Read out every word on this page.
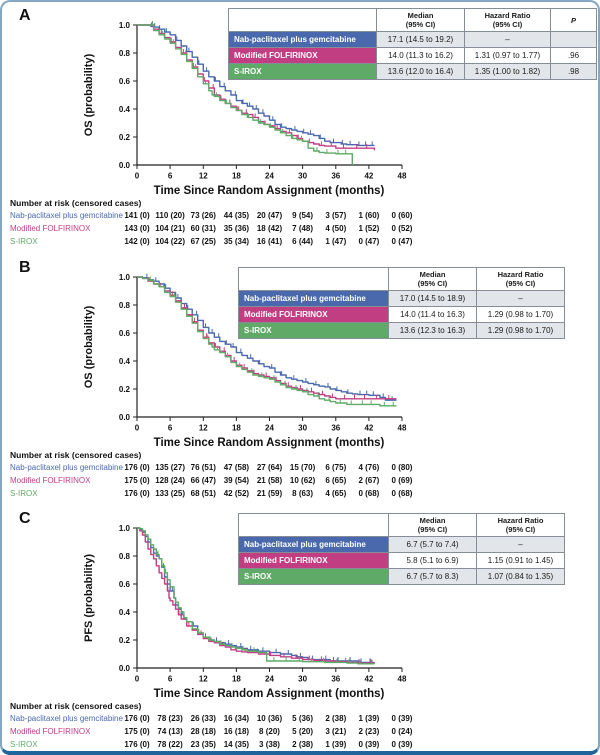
A
OS (probability)
0.0
0.2
0.4
0.6
0.8
1.0
0	6	12	18	24	30	36	42	48
Time Since Random Assignment (months)
	Median
(95% CI)	Hazard Ratio
(95% CI)	P
Nab-paclitaxel plus gemcitabine	17.1 (14.5 to 19.2)	–	
Modified FOLFIRINOX	14.0 (11.3 to 16.2)	1.31 (0.97 to 1.77)	.96
S-IROX	13.6 (12.0 to 16.4)	1.35 (1.00 to 1.82)	.98
Number at risk (censored cases)
Nab-paclitaxel plus gemcitabine 141 (0) 110 (20) 73 (26) 44 (35) 20 (47) 9 (54) 3 (57) 1 (60) 0 (60)
Modified FOLFIRINOX	143 (0) 104 (21) 60 (31) 35 (36) 18 (42) 7 (48) 4 (50) 1 (52) 0 (52)
S-IROX	142 (0) 104 (22) 67 (25) 35 (34) 16 (41) 6 (44) 1 (47) 0 (47) 0 (47)
B
OS (probability)
0.0
0.2
0.4
0.6
0.8
1.0
0	6	12	18	24	30	36	42	48
Time Since Random Assignment (months)
	Median
(95% CI)	Hazard Ratio
(95% CI)
Nab-paclitaxel plus gemcitabine	17.0 (14.5 to 18.9)	–
Modified FOLFIRINOX	14.0 (11.4 to 16.3)	1.29 (0.98 to 1.70)
S-IROX	13.6 (12.3 to 16.3)	1.29 (0.98 to 1.70)
Number at risk (censored cases)
Nab-paclitaxel plus gemcitabine 176 (0) 135 (27) 76 (51) 47 (58) 27 (64) 15 (70) 6 (75) 4 (76) 0 (80)
Modified FOLFIRINOX	175 (0) 128 (24) 66 (47) 39 (54) 21 (58) 10 (62) 6 (65) 2 (67) 0 (69)
S-IROX	176 (0) 133 (25) 68 (51) 42 (52) 21 (59) 8 (63) 4 (65) 0 (68) 0 (68)
C
PFS (probability)
0.0
0.2
0.4
0.6
0.8
1.0
0	6	12	18	24	30	36	42	48
Time Since Random Assignment (months)
	Median
(95% CI)	Hazard Ratio
(95% CI)
Nab-paclitaxel plus gemcitabine	6.7 (5.7 to 7.4)	–
Modified FOLFIRINOX	5.8 (5.1 to 6.9)	1.15 (0.91 to 1.45)
S-IROX	6.7 (5.7 to 8.3)	1.07 (0.84 to 1.35)
Number at risk (censored cases)
Nab-paclitaxel plus gemcitabine 176 (0) 78 (23) 26 (33) 16 (34) 10 (36) 5 (36) 2 (38) 1 (39) 0 (39)
Modified FOLFIRINOX	175 (0) 74 (13) 28 (18) 16 (18) 8 (20) 5 (20) 3 (21) 2 (23) 0 (24)
S-IROX	176 (0) 78 (22) 23 (35) 14 (35) 3 (38) 2 (38) 1 (39) 0 (39) 0 (39)
